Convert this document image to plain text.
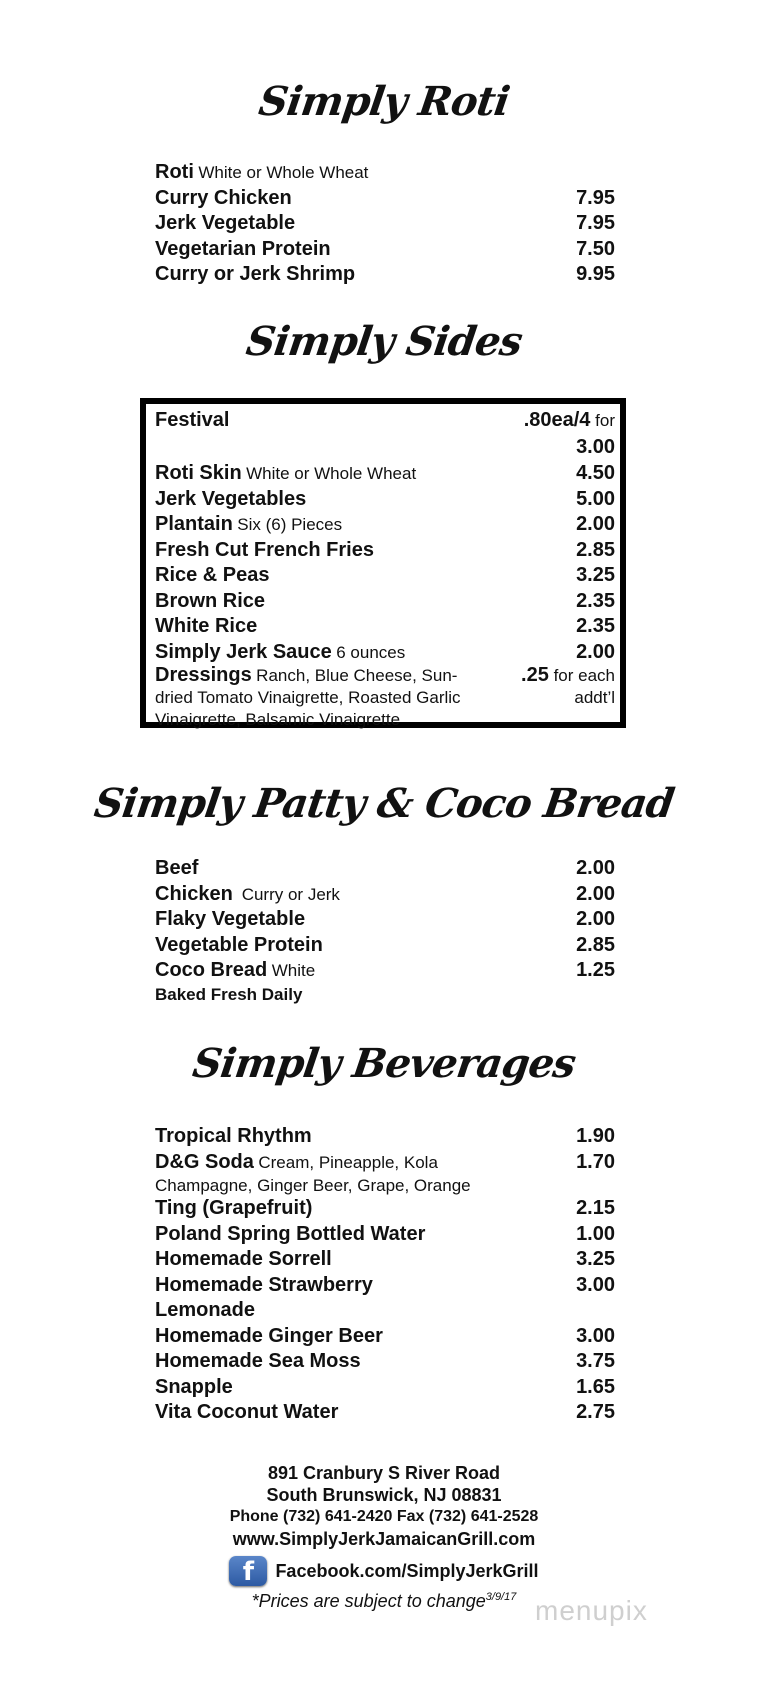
Simply Roti
Roti White or Whole Wheat
Curry Chicken	7.95
Jerk Vegetable	7.95
Vegetarian Protein	7.50
Curry or Jerk Shrimp	9.95
Simply Sides
Festival	.80ea/4 for
3.00
Roti Skin White or Whole Wheat	4.50
Jerk Vegetables	5.00
Plantain Six (6) Pieces	2.00
Fresh Cut French Fries	2.85
Rice & Peas	3.25
Brown Rice	2.35
White Rice	2.35
Simply Jerk Sauce 6 ounces	2.00
Dressings Ranch, Blue Cheese, Sun-dried Tomato Vinaigrette, Roasted Garlic Vinaigrette, Balsamic Vinaigrette
.25 for each addt’l
Simply Patty & Coco Bread
Beef	2.00
Chicken Curry or Jerk	2.00
Flaky Vegetable	2.00
Vegetable Protein	2.85
Coco Bread White	1.25
Baked Fresh Daily
Simply Beverages
Tropical Rhythm	1.90
D&G Soda Cream, Pineapple, Kola	1.70
Champagne, Ginger Beer, Grape, Orange
Ting (Grapefruit)	2.15
Poland Spring Bottled Water	1.00
Homemade Sorrell	3.25
Homemade Strawberry	3.00
Lemonade
Homemade Ginger Beer	3.00
Homemade Sea Moss	3.75
Snapple	1.65
Vita Coconut Water	2.75
891 Cranbury S River Road
South Brunswick, NJ 08831
Phone (732) 641-2420 Fax (732) 641-2528
www.SimplyJerkJamaicanGrill.com
f	Facebook.com/SimplyJerkGrill
*Prices are subject to change$^{3/9/17}$ menupix
